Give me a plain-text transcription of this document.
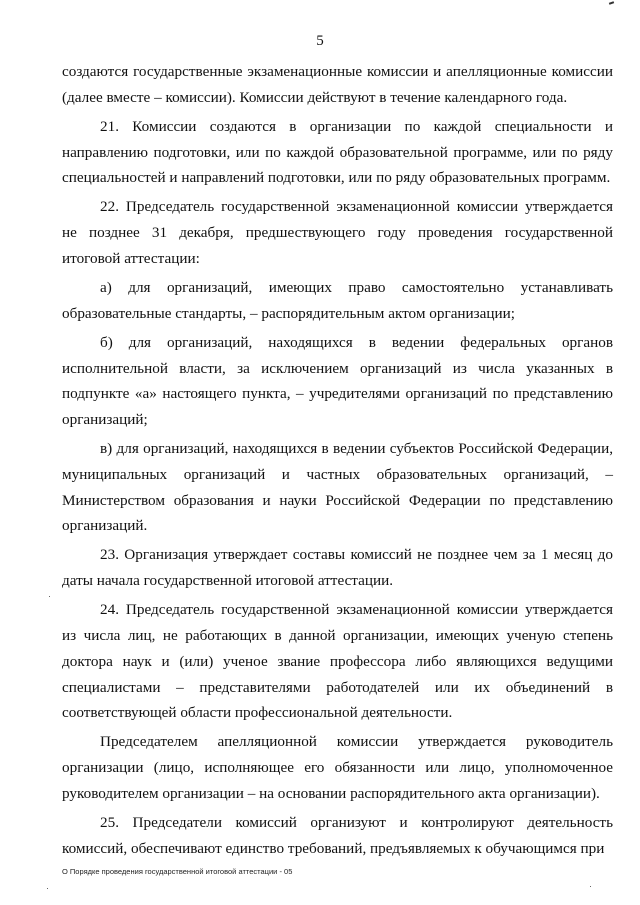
5

создаются государственные экзаменационные комиссии и апелляционные комиссии (далее вместе – комиссии). Комиссии действуют в течение календарного года.

21. Комиссии создаются в организации по каждой специальности и направлению подготовки, или по каждой образовательной программе, или по ряду специальностей и направлений подготовки, или по ряду образовательных программ.

22. Председатель государственной экзаменационной комиссии утверждается не позднее 31 декабря, предшествующего году проведения государственной итоговой аттестации:

а) для организаций, имеющих право самостоятельно устанавливать образовательные стандарты, – распорядительным актом организации;

б) для организаций, находящихся в ведении федеральных органов исполнительной власти, за исключением организаций из числа указанных в подпункте «а» настоящего пункта, – учредителями организаций по представлению организаций;

в) для организаций, находящихся в ведении субъектов Российской Федерации, муниципальных организаций и частных образовательных организаций, – Министерством образования и науки Российской Федерации по представлению организаций.

23. Организация утверждает составы комиссий не позднее чем за 1 месяц до даты начала государственной итоговой аттестации.

24. Председатель государственной экзаменационной комиссии утверждается из числа лиц, не работающих в данной организации, имеющих ученую степень доктора наук и (или) ученое звание профессора либо являющихся ведущими специалистами – представителями работодателей или их объединений в соответствующей области профессиональной деятельности.

Председателем апелляционной комиссии утверждается руководитель организации (лицо, исполняющее его обязанности или лицо, уполномоченное руководителем организации – на основании распорядительного акта организации).

25. Председатели комиссий организуют и контролируют деятельность комиссий, обеспечивают единство требований, предъявляемых к обучающимся при

О Порядке проведения государственной итоговой аттестации - 05
